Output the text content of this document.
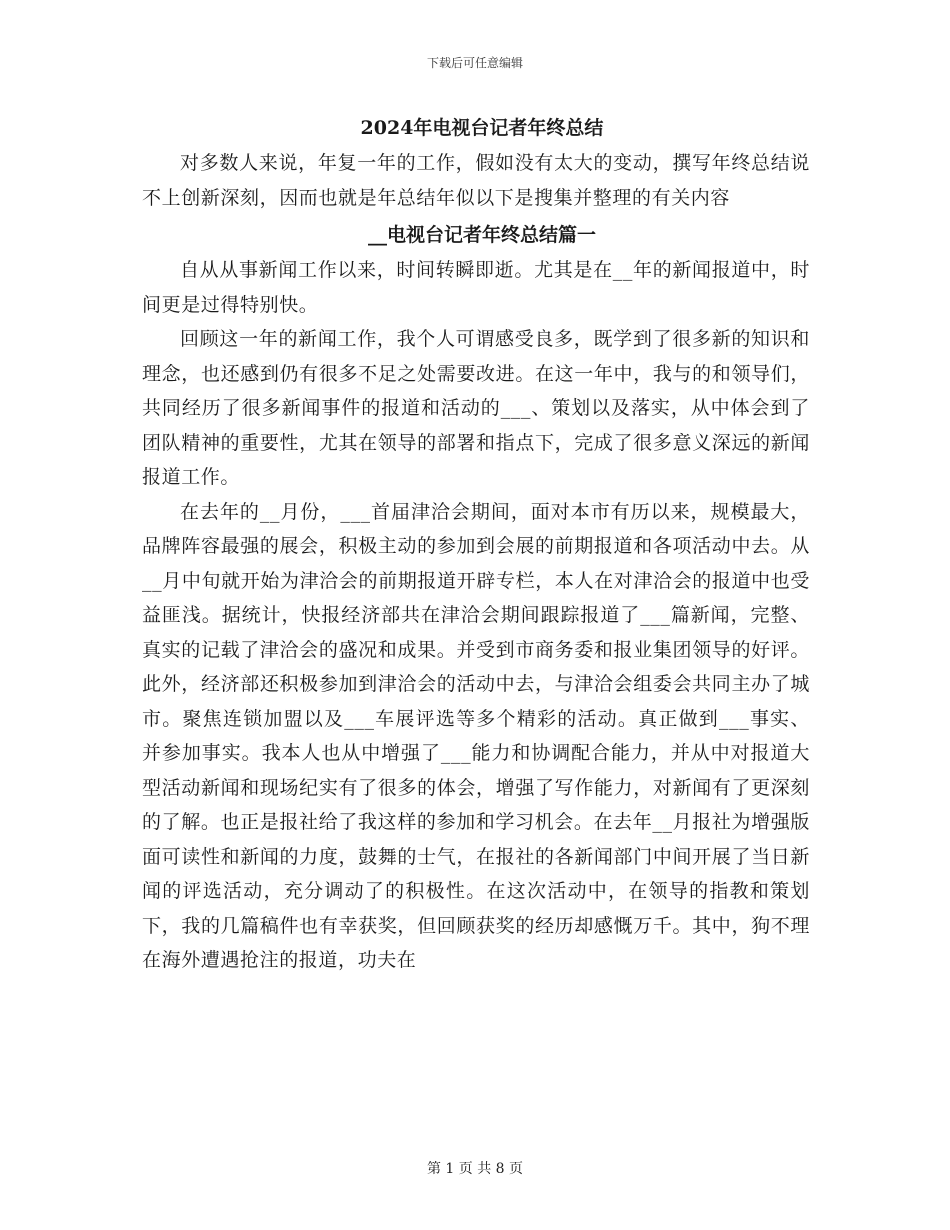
下载后可任意编辑
2024年电视台记者年终总结

对多数人来说，年复一年的工作，假如没有太大的变动，撰写年终总结说不上创新深刻，因而也就是年总结年似以下是搜集并整理的有关内容

__电视台记者年终总结篇一

自从从事新闻工作以来，时间转瞬即逝。尤其是在__年的新闻报道中，时间更是过得特别快。

回顾这一年的新闻工作，我个人可谓感受良多，既学到了很多新的知识和理念，也还感到仍有很多不足之处需要改进。在这一年中，我与的和领导们，共同经历了很多新闻事件的报道和活动的___、策划以及落实，从中体会到了团队精神的重要性，尤其在领导的部署和指点下，完成了很多意义深远的新闻报道工作。

在去年的__月份，___首届津洽会期间，面对本市有历以来，规模最大，品牌阵容最强的展会，积极主动的参加到会展的前期报道和各项活动中去。从__月中旬就开始为津洽会的前期报道开辟专栏，本人在对津洽会的报道中也受益匪浅。据统计，快报经济部共在津洽会期间跟踪报道了___篇新闻，完整、真实的记载了津洽会的盛况和成果。并受到市商务委和报业集团领导的好评。此外，经济部还积极参加到津洽会的活动中去，与津洽会组委会共同主办了城市。聚焦连锁加盟以及___车展评选等多个精彩的活动。真正做到___事实、并参加事实。我本人也从中增强了___能力和协调配合能力，并从中对报道大型活动新闻和现场纪实有了很多的体会，增强了写作能力，对新闻有了更深刻的了解。也正是报社给了我这样的参加和学习机会。在去年__月报社为增强版面可读性和新闻的力度，鼓舞的士气，在报社的各新闻部门中间开展了当日新闻的评选活动，充分调动了的积极性。在这次活动中，在领导的指教和策划下，我的几篇稿件也有幸获奖，但回顾获奖的经历却感慨万千。其中，狗不理在海外遭遇抢注的报道，功夫在

第 1 页 共 8 页
